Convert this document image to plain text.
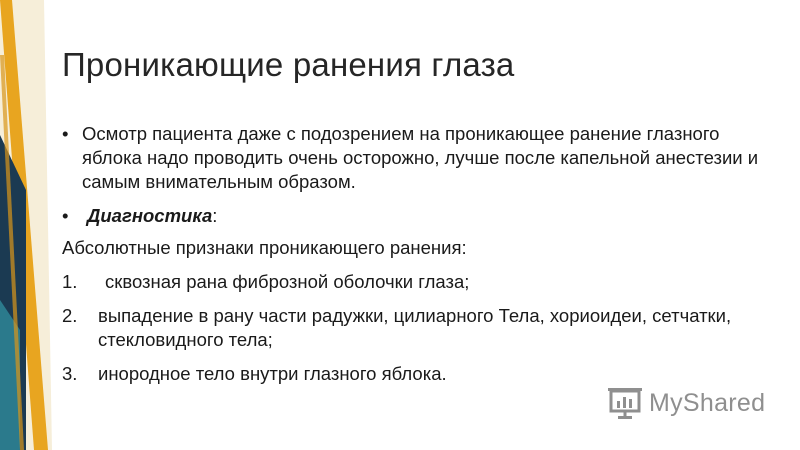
Проникающие ранения глаза
• Осмотр пациента даже с подозрением на проникающее ранение глазного яблока надо проводить очень осторожно, лучше после капельной анестезии и самым внимательным образом.
• Диагностика:
Абсолютные признаки проникающего ранения:
1. сквозная рана фиброзной оболочки глаза;
2. выпадение в рану части радужки, цилиарного Тела, хориоидеи, сетчатки, стекловидного тела;
3. инородное тело внутри глазного яблока.
MyShared
